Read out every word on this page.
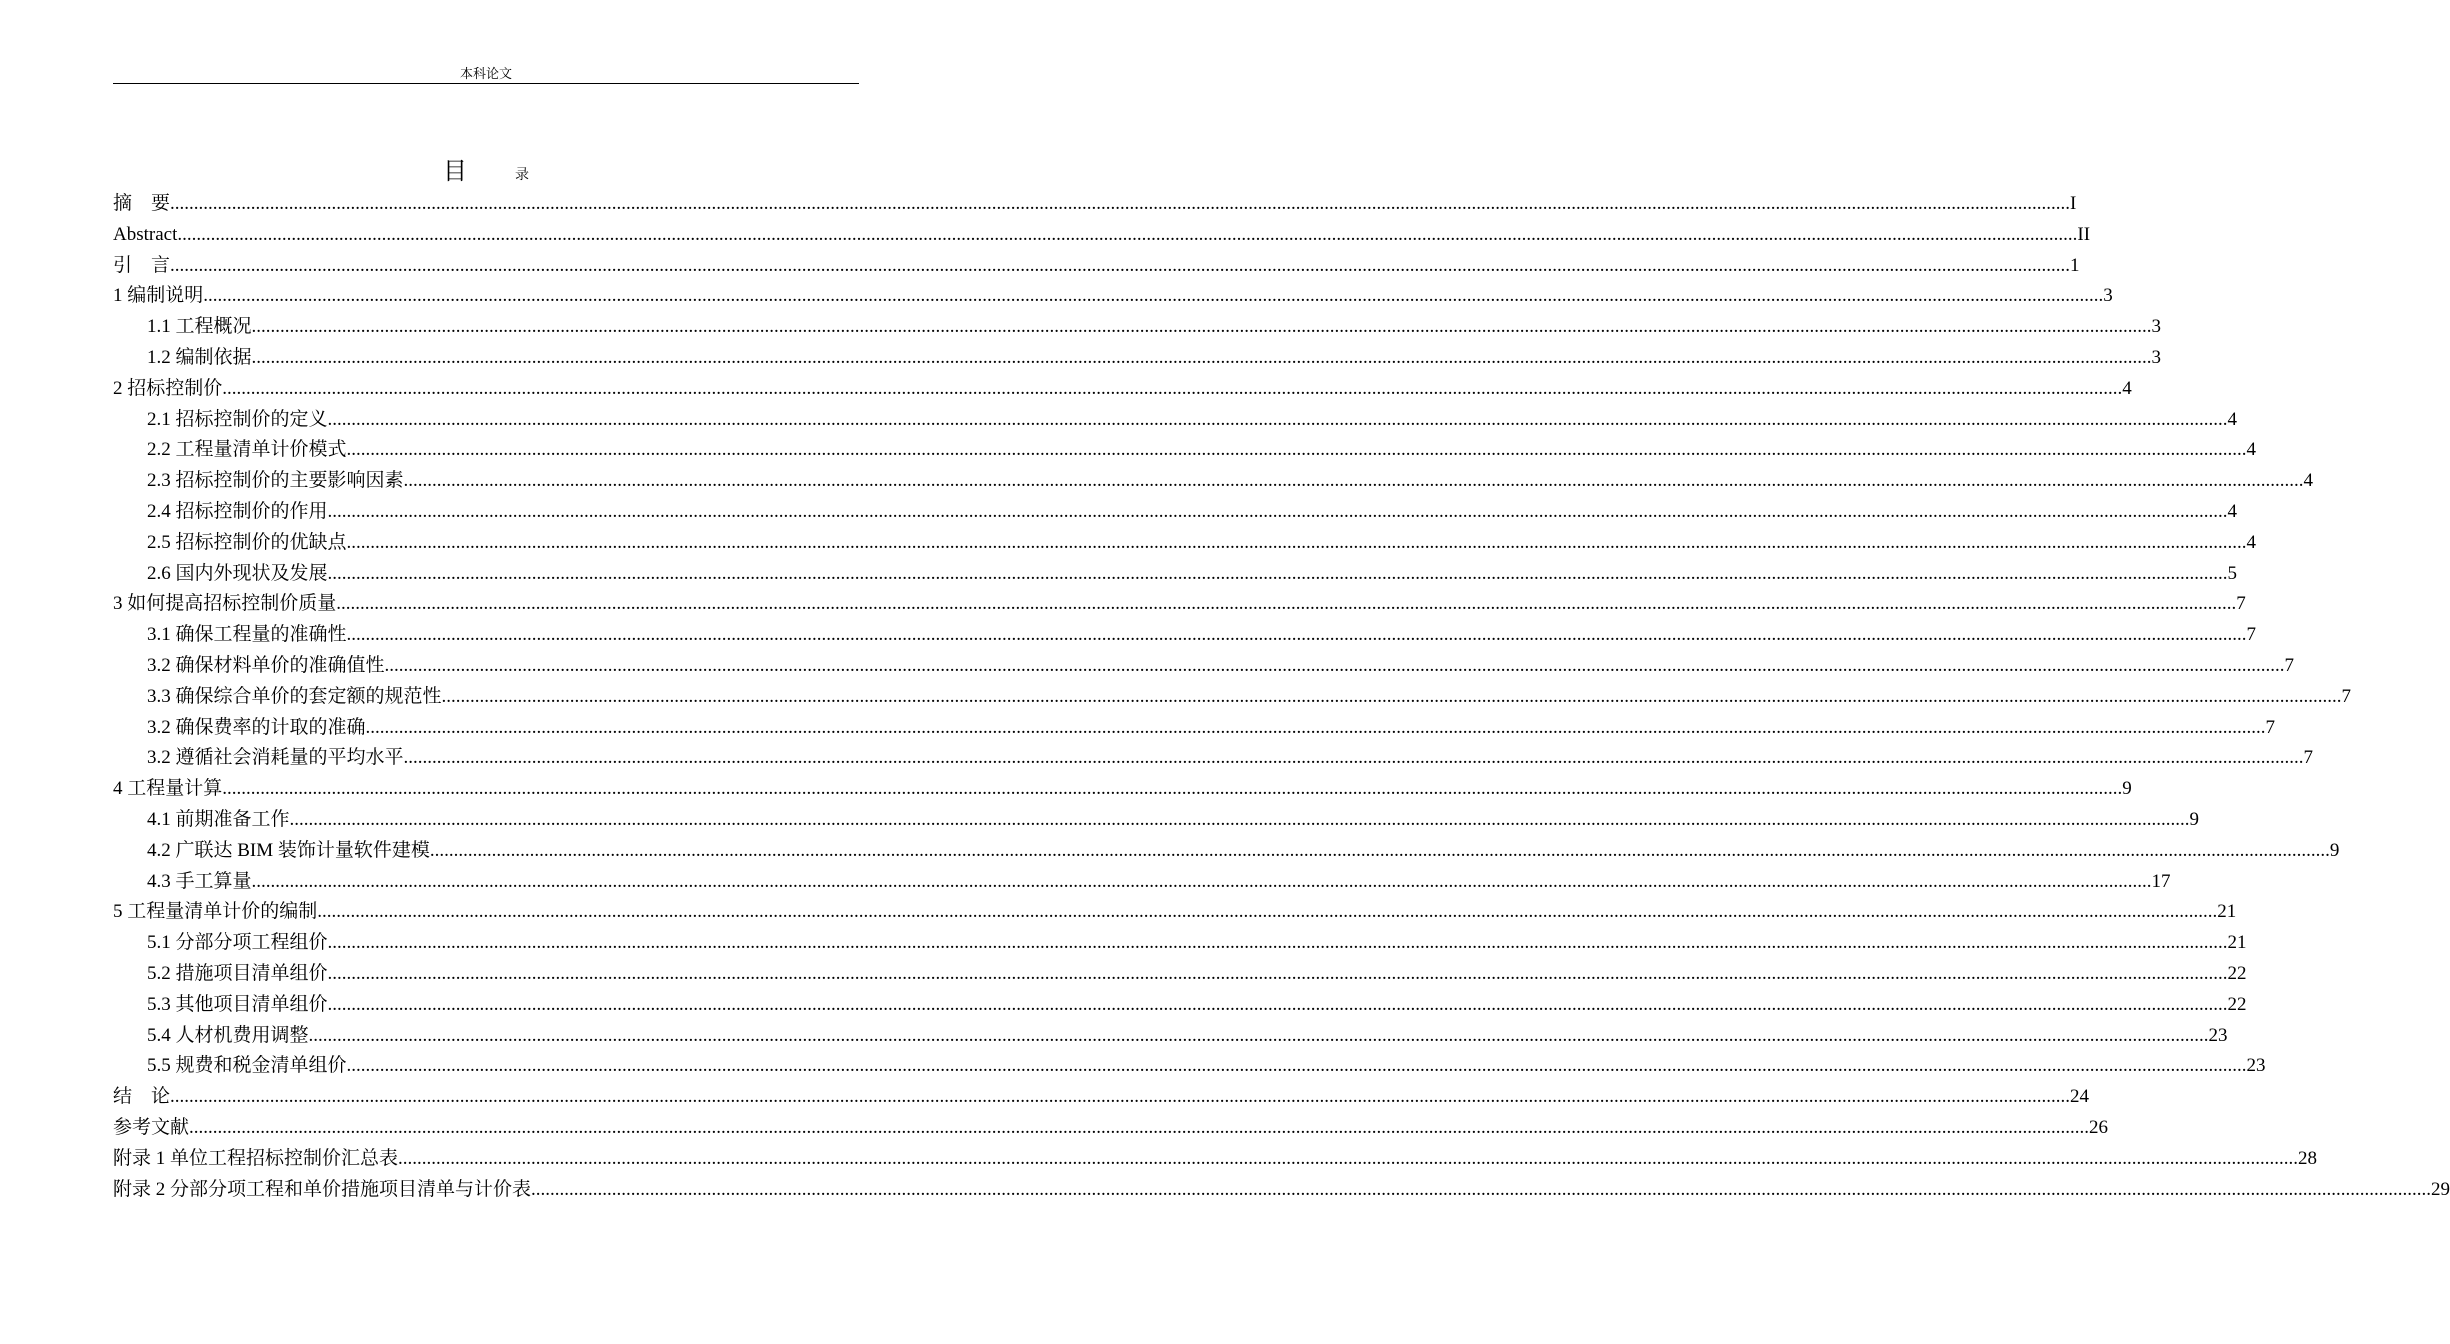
本科论文
目	录
摘　要 ................................................................................................................................................................................................................................................................................................................................................................................................................ I
Abstract ................................................................................................................................................................................................................................................................................................................................................................................................................ II
引　言 ................................................................................................................................................................................................................................................................................................................................................................................................................ 1
1 编制说明 ................................................................................................................................................................................................................................................................................................................................................................................................................ 3
1.1 工程概况 ................................................................................................................................................................................................................................................................................................................................................................................................................ 3
1.2 编制依据 ................................................................................................................................................................................................................................................................................................................................................................................................................ 3
2 招标控制价 ................................................................................................................................................................................................................................................................................................................................................................................................................ 4
2.1 招标控制价的定义 ................................................................................................................................................................................................................................................................................................................................................................................................................ 4
2.2 工程量清单计价模式 ................................................................................................................................................................................................................................................................................................................................................................................................................ 4
2.3 招标控制价的主要影响因素 ................................................................................................................................................................................................................................................................................................................................................................................................................ 4
2.4 招标控制价的作用 ................................................................................................................................................................................................................................................................................................................................................................................................................ 4
2.5 招标控制价的优缺点 ................................................................................................................................................................................................................................................................................................................................................................................................................ 4
2.6 国内外现状及发展 ................................................................................................................................................................................................................................................................................................................................................................................................................ 5
3 如何提高招标控制价质量 ................................................................................................................................................................................................................................................................................................................................................................................................................ 7
3.1 确保工程量的准确性 ................................................................................................................................................................................................................................................................................................................................................................................................................ 7
3.2 确保材料单价的准确值性 ................................................................................................................................................................................................................................................................................................................................................................................................................ 7
3.3 确保综合单价的套定额的规范性 ................................................................................................................................................................................................................................................................................................................................................................................................................ 7
3.2 确保费率的计取的准确 ................................................................................................................................................................................................................................................................................................................................................................................................................ 7
3.2 遵循社会消耗量的平均水平 ................................................................................................................................................................................................................................................................................................................................................................................................................ 7
4 工程量计算 ................................................................................................................................................................................................................................................................................................................................................................................................................ 9
4.1 前期准备工作 ................................................................................................................................................................................................................................................................................................................................................................................................................ 9
4.2 广联达 BIM 装饰计量软件建模 ................................................................................................................................................................................................................................................................................................................................................................................................................ 9
4.3 手工算量 ................................................................................................................................................................................................................................................................................................................................................................................................................ 17
5 工程量清单计价的编制 ................................................................................................................................................................................................................................................................................................................................................................................................................ 21
5.1 分部分项工程组价 ................................................................................................................................................................................................................................................................................................................................................................................................................ 21
5.2 措施项目清单组价 ................................................................................................................................................................................................................................................................................................................................................................................................................ 22
5.3 其他项目清单组价 ................................................................................................................................................................................................................................................................................................................................................................................................................ 22
5.4 人材机费用调整 ................................................................................................................................................................................................................................................................................................................................................................................................................ 23
5.5 规费和税金清单组价 ................................................................................................................................................................................................................................................................................................................................................................................................................ 23
结　论 ................................................................................................................................................................................................................................................................................................................................................................................................................ 24
参考文献 ................................................................................................................................................................................................................................................................................................................................................................................................................ 26
附录 1 单位工程招标控制价汇总表 ................................................................................................................................................................................................................................................................................................................................................................................................................ 28
附录 2 分部分项工程和单价措施项目清单与计价表 ................................................................................................................................................................................................................................................................................................................................................................................................................ 29
